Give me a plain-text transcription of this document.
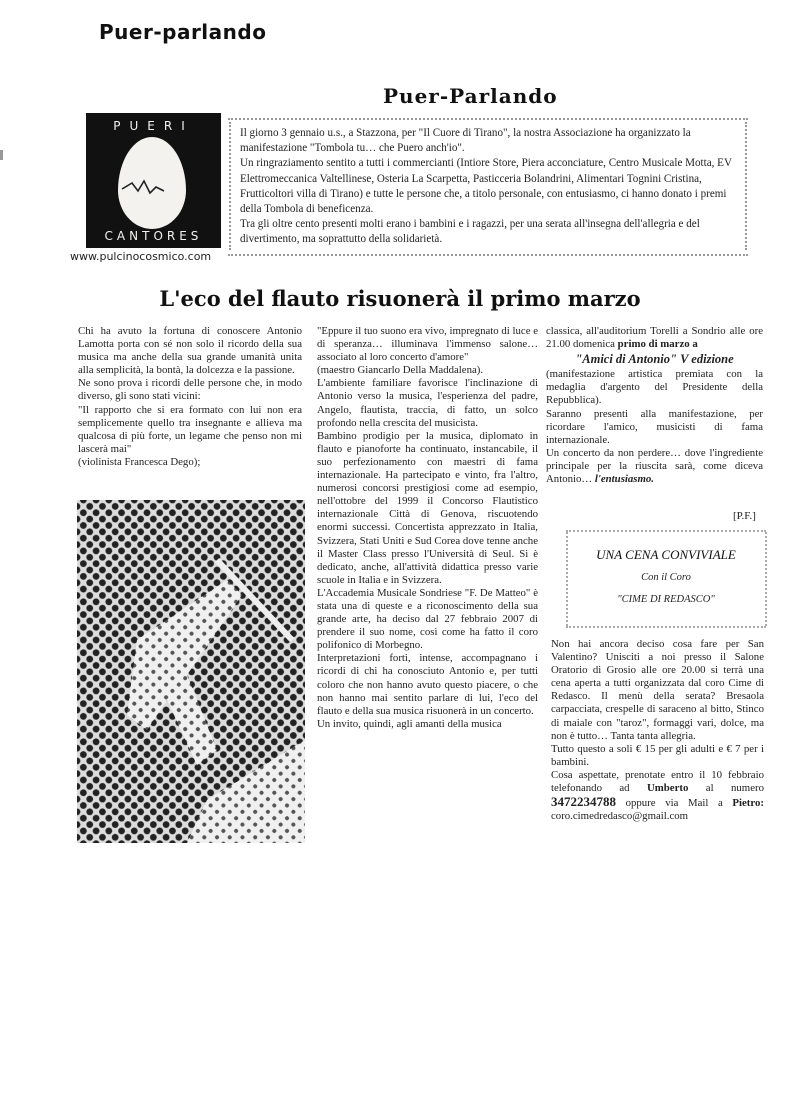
Puer-parlando
Puer-Parlando
PUERI
CANTORES
www.pulcinocosmico.com

Il giorno 3 gennaio u.s., a Stazzona, per "Il Cuore di Tirano", la nostra Associazione ha organizzato la manifestazione "Tombola tu… che Puero anch'io".

Un ringraziamento sentito a tutti i commercianti (Intiore Store, Piera acconciature, Centro Musicale Motta, EV Elettromeccanica Valtellinese, Osteria La Scarpetta, Pasticceria Bolandrini, Alimentari Tognini Cristina, Frutticoltori villa di Tirano) e tutte le persone che, a titolo personale, con entusiasmo, ci hanno donato i premi della Tombola di beneficenza.

Tra gli oltre cento presenti molti erano i bambini e i ragazzi, per una serata all'insegna dell'allegria e del divertimento, ma soprattutto della solidarietà.

L'eco del flauto risuonerà il primo marzo

Chi ha avuto la fortuna di conoscere Antonio Lamotta porta con sé non solo il ricordo della sua musica ma anche della sua grande umanità unita alla semplicità, la bontà, la dolcezza e la passione.

Ne sono prova i ricordi delle persone che, in modo diverso, gli sono stati vicini:

"Il rapporto che si era formato con lui non era semplicemente quello tra insegnante e allieva ma qualcosa di più forte, un legame che penso non mi lascerà mai"

(violinista Francesca Dego);

"Eppure il tuo suono era vivo, impregnato di luce e di speranza… illuminava l'immenso salone… associato al loro concerto d'amore"

(maestro Giancarlo Della Maddalena).

L'ambiente familiare favorisce l'inclinazione di Antonio verso la musica, l'esperienza del padre, Angelo, flautista, traccia, di fatto, un solco profondo nella crescita del musicista.

Bambino prodigio per la musica, diplomato in flauto e pianoforte ha continuato, instancabile, il suo perfezionamento con maestri di fama internazionale. Ha partecipato e vinto, fra l'altro, numerosi concorsi prestigiosi come ad esempio, nell'ottobre del 1999 il Concorso Flautistico internazionale Città di Genova, riscuotendo enormi successi. Concertista apprezzato in Italia, Svizzera, Stati Uniti e Sud Corea dove tenne anche il Master Class presso l'Università di Seul. Si è dedicato, anche, all'attività didattica presso varie scuole in Italia e in Svizzera.

L'Accademia Musicale Sondriese "F. De Matteo" è stata una di queste e a riconoscimento della sua grande arte, ha deciso dal 27 febbraio 2007 di prendere il suo nome, così come ha fatto il coro polifonico di Morbegno.

Interpretazioni forti, intense, accompagnano i ricordi di chi ha conosciuto Antonio e, per tutti coloro che non hanno avuto questo piacere, o che non hanno mai sentito parlare di lui, l'eco del flauto e della sua musica risuonerà in un concerto.

Un invito, quindi, agli amanti della musica

classica, all'auditorium Torelli a Sondrio alle ore 21.00 domenica primo di marzo a

"Amici di Antonio" V edizione

(manifestazione artistica premiata con la medaglia d'argento del Presidente della Repubblica).

Saranno presenti alla manifestazione, per ricordare l'amico, musicisti di fama internazionale.

Un concerto da non perdere… dove l'ingrediente principale per la riuscita sarà, come diceva Antonio… l'entusiasmo.

[P.F.]
UNA CENA CONVIVIALE
Con il Coro
"CIME DI REDASCO"

Non hai ancora deciso cosa fare per San Valentino? Unisciti a noi presso il Salone Oratorio di Grosio alle ore 20.00 si terrà una cena aperta a tutti organizzata dal coro Cime di Redasco. Il menù della serata? Bresaola carpacciata, crespelle di saraceno al bitto, Stinco di maiale con "taroz", formaggi vari, dolce, ma non è tutto… Tanta tanta allegria.

Tutto questo a soli € 15 per gli adulti e € 7 per i bambini.

Cosa aspettate, prenotate entro il 10 febbraio telefonando ad Umberto al numero 3472234788 oppure via Mail a Pietro: coro.cimedredasco@gmail.com
